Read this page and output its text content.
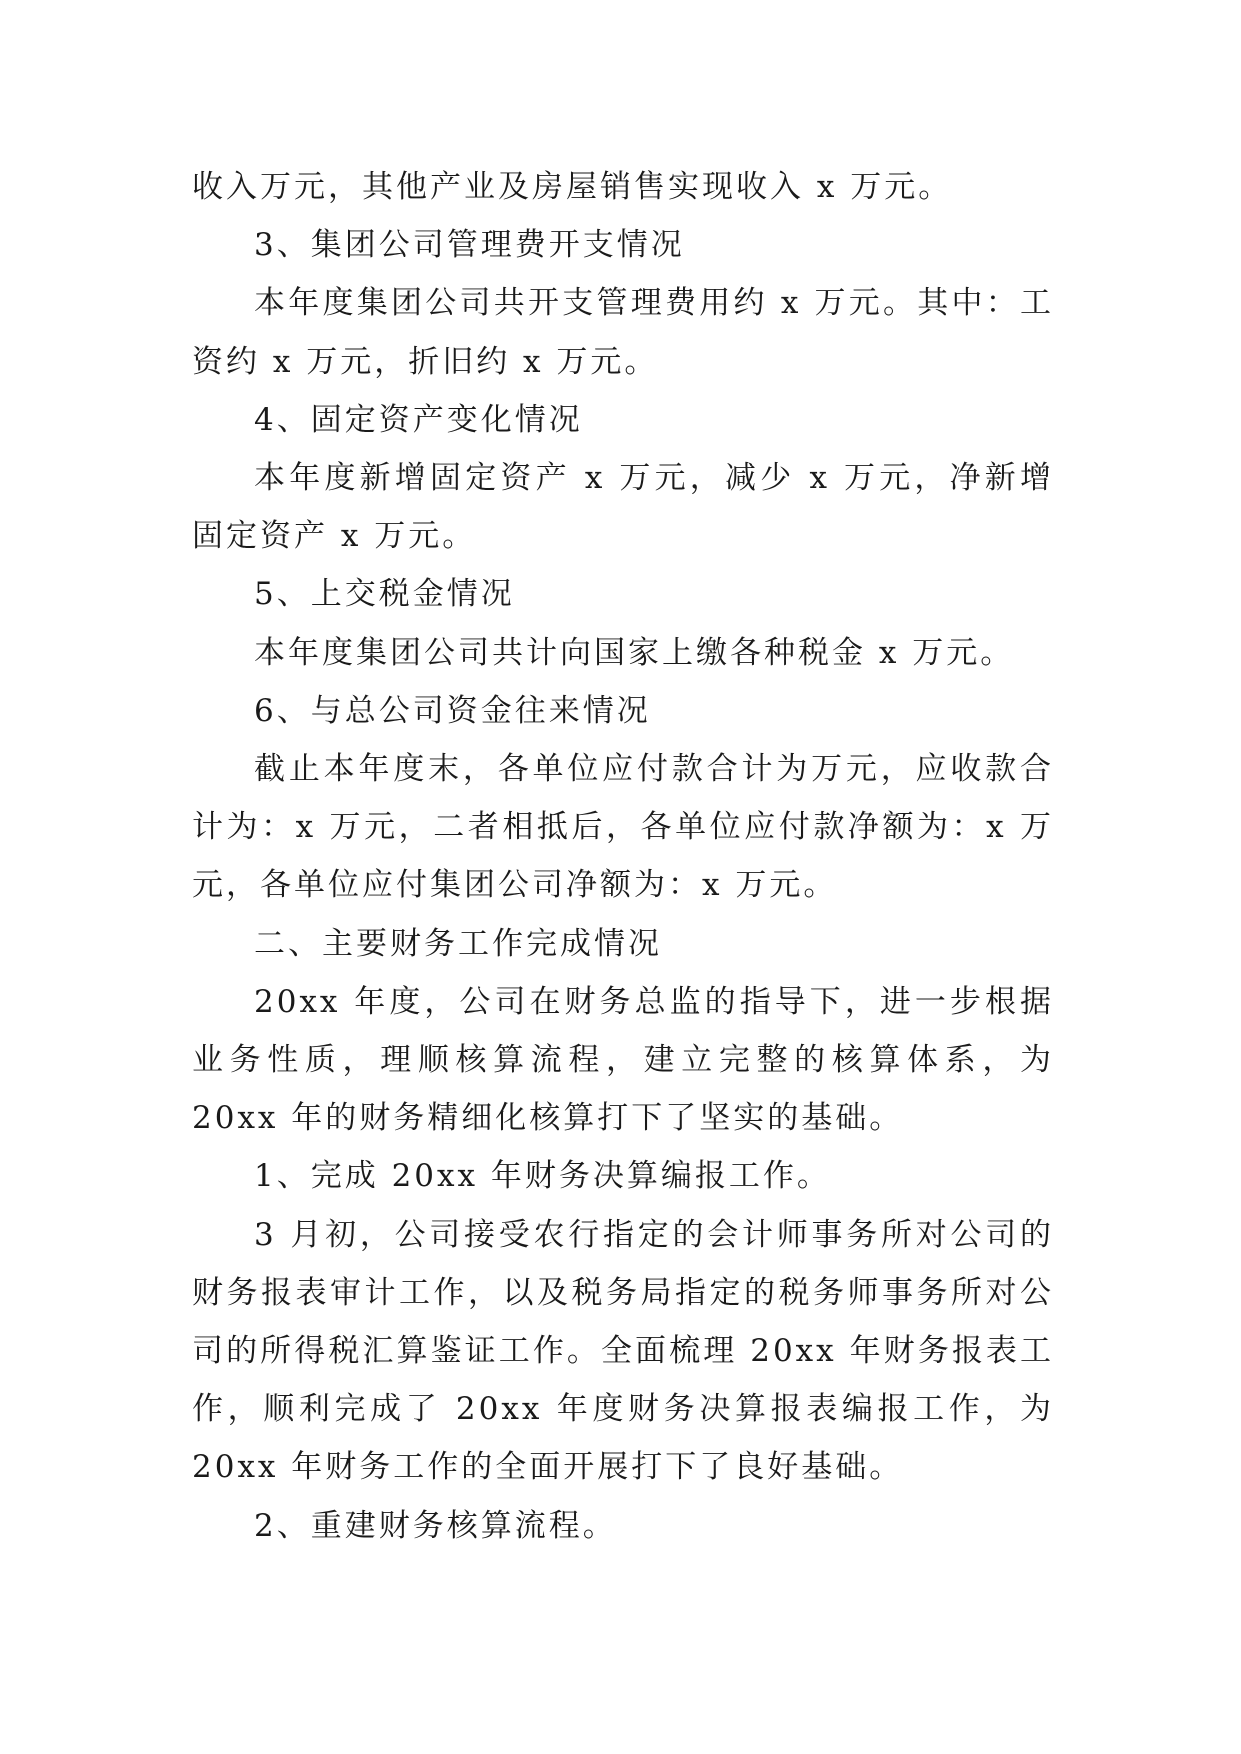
收入万元，其他产业及房屋销售实现收入 x 万元。

3、集团公司管理费开支情况

本年度集团公司共开支管理费用约 x 万元。其中：工资约 x 万元，折旧约 x 万元。

4、固定资产变化情况

本年度新增固定资产 x 万元，减少 x 万元，净新增固定资产 x 万元。

5、上交税金情况

本年度集团公司共计向国家上缴各种税金 x 万元。

6、与总公司资金往来情况

截止本年度末，各单位应付款合计为万元，应收款合计为：x 万元，二者相抵后，各单位应付款净额为：x 万元，各单位应付集团公司净额为：x 万元。

二、主要财务工作完成情况

20xx 年度，公司在财务总监的指导下，进一步根据业务性质，理顺核算流程，建立完整的核算体系，为 20xx 年的财务精细化核算打下了坚实的基础。

1、完成 20xx 年财务决算编报工作。

3 月初，公司接受农行指定的会计师事务所对公司的财务报表审计工作，以及税务局指定的税务师事务所对公司的所得税汇算鉴证工作。全面梳理 20xx 年财务报表工作，顺利完成了 20xx 年度财务决算报表编报工作，为 20xx 年财务工作的全面开展打下了良好基础。

2、重建财务核算流程。
